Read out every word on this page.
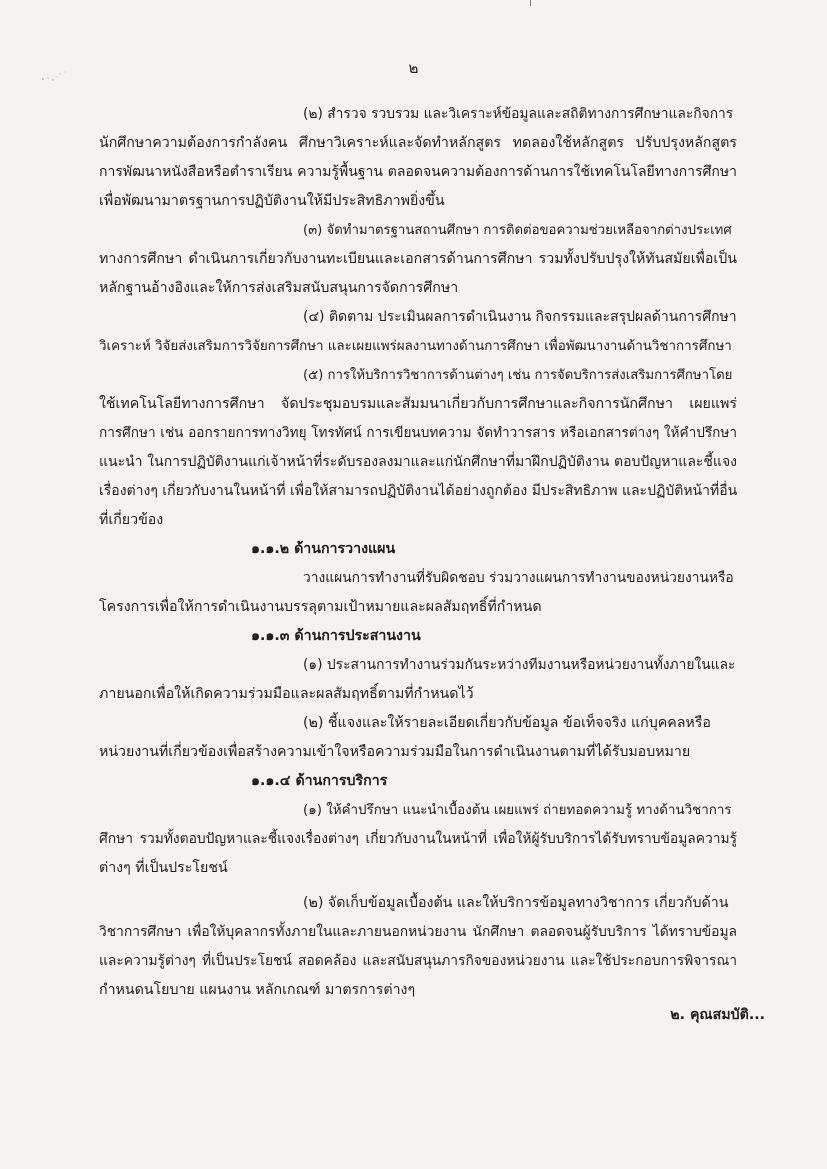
๒
(๒) สำรวจ รวบรวม และวิเคราะห์ข้อมูลและสถิติทางการศึกษาและกิจการ
นักศึกษาความต้องการกำลังคน ศึกษาวิเคราะห์และจัดทำหลักสูตร ทดลองใช้หลักสูตร ปรับปรุงหลักสูตร
การพัฒนาหนังสือหรือตำราเรียน ความรู้พื้นฐาน ตลอดจนความต้องการด้านการใช้เทคโนโลยีทางการศึกษา
เพื่อพัฒนามาตรฐานการปฏิบัติงานให้มีประสิทธิภาพยิ่งขึ้น
(๓) จัดทำมาตรฐานสถานศึกษา การติดต่อขอความช่วยเหลือจากต่างประเทศ
ทางการศึกษา ดำเนินการเกี่ยวกับงานทะเบียนและเอกสารด้านการศึกษา รวมทั้งปรับปรุงให้ทันสมัยเพื่อเป็น
หลักฐานอ้างอิงและให้การส่งเสริมสนับสนุนการจัดการศึกษา
(๔) ติดตาม ประเมินผลการดำเนินงาน กิจกรรมและสรุปผลด้านการศึกษา
วิเคราะห์ วิจัยส่งเสริมการวิจัยการศึกษา และเผยแพร่ผลงานทางด้านการศึกษา เพื่อพัฒนางานด้านวิชาการศึกษา
(๕) การให้บริการวิชาการด้านต่างๆ เช่น การจัดบริการส่งเสริมการศึกษาโดย
ใช้เทคโนโลยีทางการศึกษา จัดประชุมอบรมและสัมมนาเกี่ยวกับการศึกษาและกิจการนักศึกษา เผยแพร่
การศึกษา เช่น ออกรายการทางวิทยุ โทรทัศน์ การเขียนบทความ จัดทำวารสาร หรือเอกสารต่างๆ ให้คำปรึกษา
แนะนำ ในการปฏิบัติงานแก่เจ้าหน้าที่ระดับรองลงมาและแก่นักศึกษาที่มาฝึกปฏิบัติงาน ตอบปัญหาและชี้แจง
เรื่องต่างๆ เกี่ยวกับงานในหน้าที่ เพื่อให้สามารถปฏิบัติงานได้อย่างถูกต้อง มีประสิทธิภาพ และปฏิบัติหน้าที่อื่น
ที่เกี่ยวข้อง
๑.๑.๒ ด้านการวางแผน
วางแผนการทำงานที่รับผิดชอบ ร่วมวางแผนการทำงานของหน่วยงานหรือ
โครงการเพื่อให้การดำเนินงานบรรลุตามเป้าหมายและผลสัมฤทธิ์ที่กำหนด
๑.๑.๓ ด้านการประสานงาน
(๑) ประสานการทำงานร่วมกันระหว่างทีมงานหรือหน่วยงานทั้งภายในและ
ภายนอกเพื่อให้เกิดความร่วมมือและผลสัมฤทธิ์ตามที่กำหนดไว้
(๒) ชี้แจงและให้รายละเอียดเกี่ยวกับข้อมูล ข้อเท็จจริง แก่บุคคลหรือ
หน่วยงานที่เกี่ยวข้องเพื่อสร้างความเข้าใจหรือความร่วมมือในการดำเนินงานตามที่ได้รับมอบหมาย
๑.๑.๔ ด้านการบริการ
(๑) ให้คำปรึกษา แนะนำเบื้องต้น เผยแพร่ ถ่ายทอดความรู้ ทางด้านวิชาการ
ศึกษา รวมทั้งตอบปัญหาและชี้แจงเรื่องต่างๆ เกี่ยวกับงานในหน้าที่ เพื่อให้ผู้รับบริการได้รับทราบข้อมูลความรู้
ต่างๆ ที่เป็นประโยชน์
(๒) จัดเก็บข้อมูลเบื้องต้น และให้บริการข้อมูลทางวิชาการ เกี่ยวกับด้าน
วิชาการศึกษา เพื่อให้บุคลากรทั้งภายในและภายนอกหน่วยงาน นักศึกษา ตลอดจนผู้รับบริการ ได้ทราบข้อมูล
และความรู้ต่างๆ ที่เป็นประโยชน์ สอดคล้อง และสนับสนุนภารกิจของหน่วยงาน และใช้ประกอบการพิจารณา
กำหนดนโยบาย แผนงาน หลักเกณฑ์ มาตรการต่างๆ
๒. คุณสมบัติ...
